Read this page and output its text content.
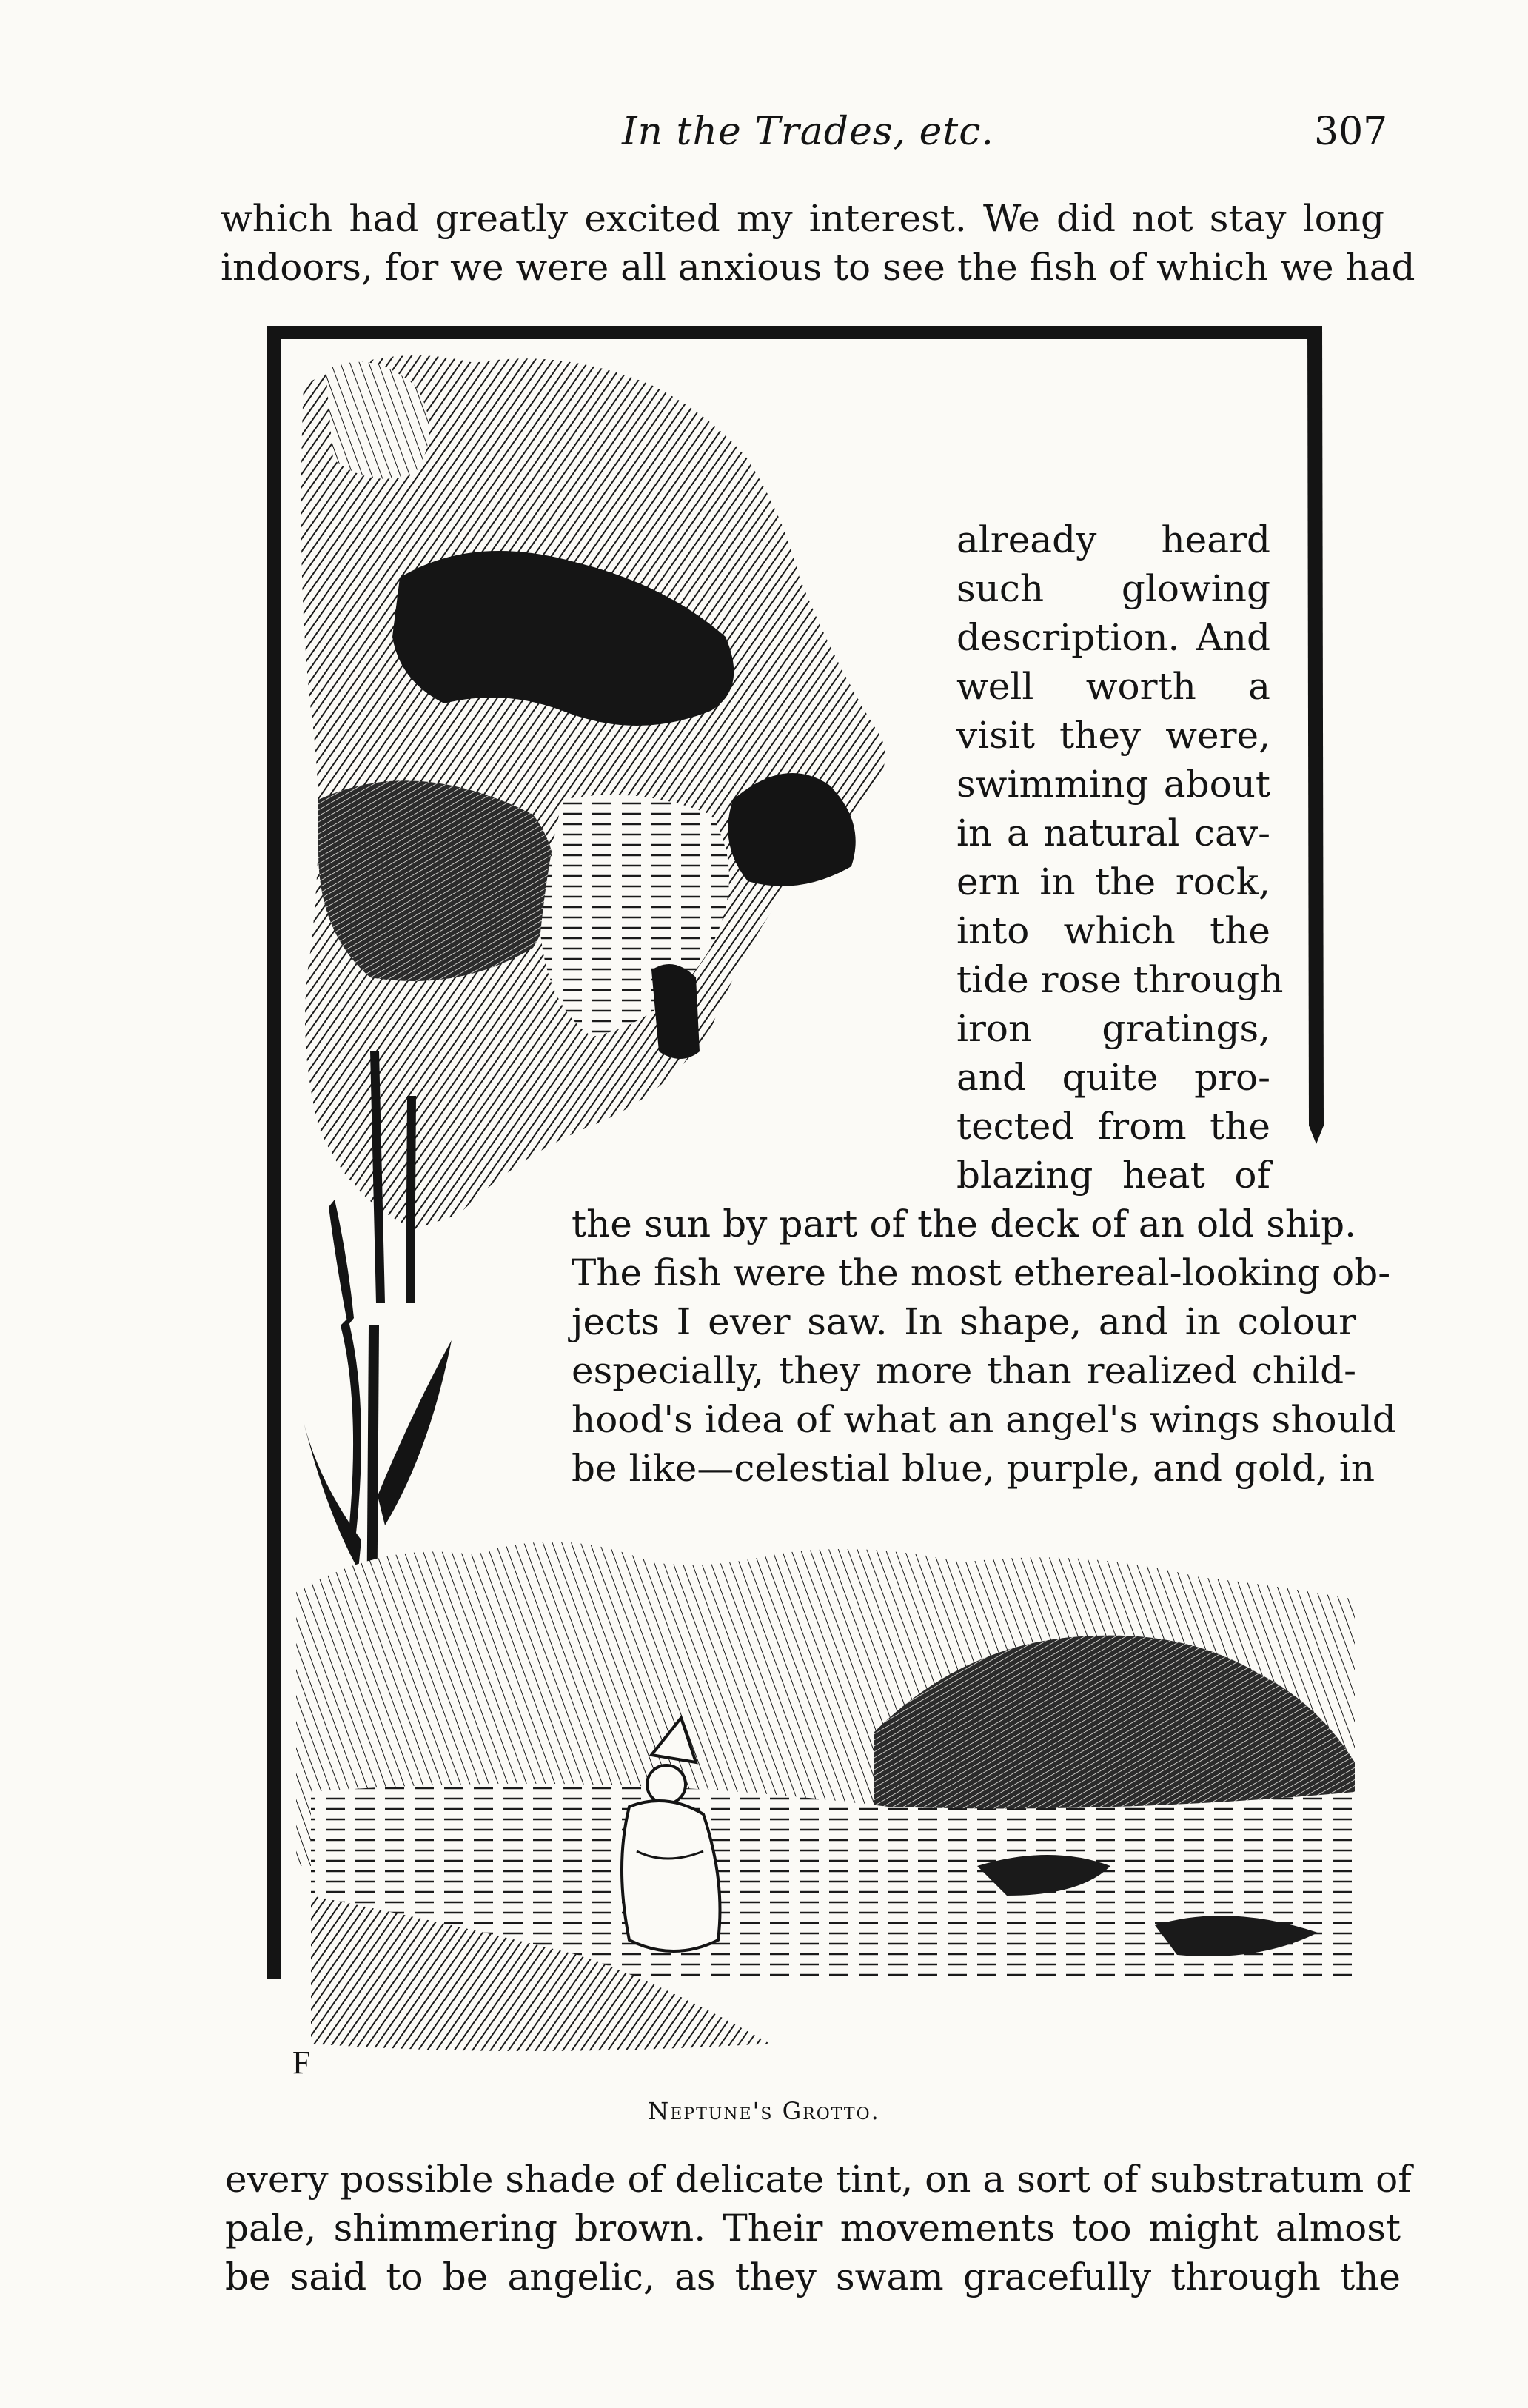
F
In the Trades, etc.	307
which had greatly excited my interest. We did not stay long
indoors, for we were all anxious to see the fish of which we had
already heard
such glowing
description. And
well worth a
visit they were,
swimming about
in a natural cav-
ern in the rock,
into which the
tide rose through
iron gratings,
and quite pro-
tected from the
blazing heat of
the sun by part of the deck of an old ship.
The fish were the most ethereal-looking ob-
jects I ever saw. In shape, and in colour
especially, they more than realized child-
hood's idea of what an angel's wings should
be like—celestial blue, purple, and gold, in
Neptune's Grotto.
every possible shade of delicate tint, on a sort of substratum of
pale, shimmering brown. Their movements too might almost
be said to be angelic, as they swam gracefully through the
